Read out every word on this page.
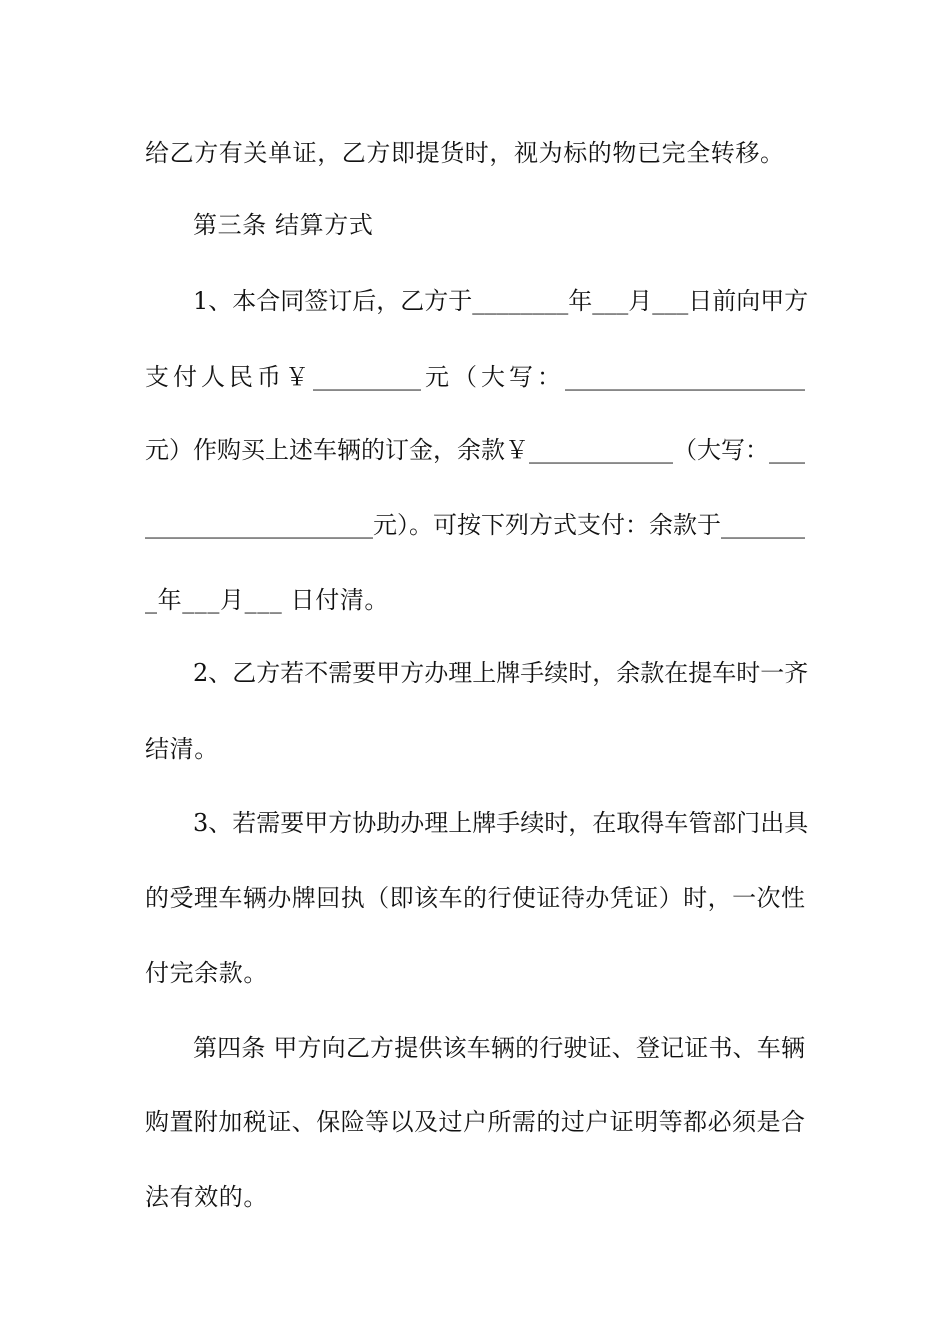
给乙方有关单证，乙方即提货时，视为标的物已完全转移。
第三条 结算方式
1、本合同签订后，乙方于________年___月___日前向甲方
支付人民币￥_________元（大写：____________________
元）作购买上述车辆的订金，余款￥____________（大写：___
___________________元）。可按下列方式支付：余款于_______
_年___月___ 日付清。
2、乙方若不需要甲方办理上牌手续时，余款在提车时一齐
结清。
3、若需要甲方协助办理上牌手续时，在取得车管部门出具
的受理车辆办牌回执（即该车的行使证待办凭证）时，一次性
付完余款。
第四条 甲方向乙方提供该车辆的行驶证、登记证书、车辆
购置附加税证、保险等以及过户所需的过户证明等都必须是合
法有效的。
